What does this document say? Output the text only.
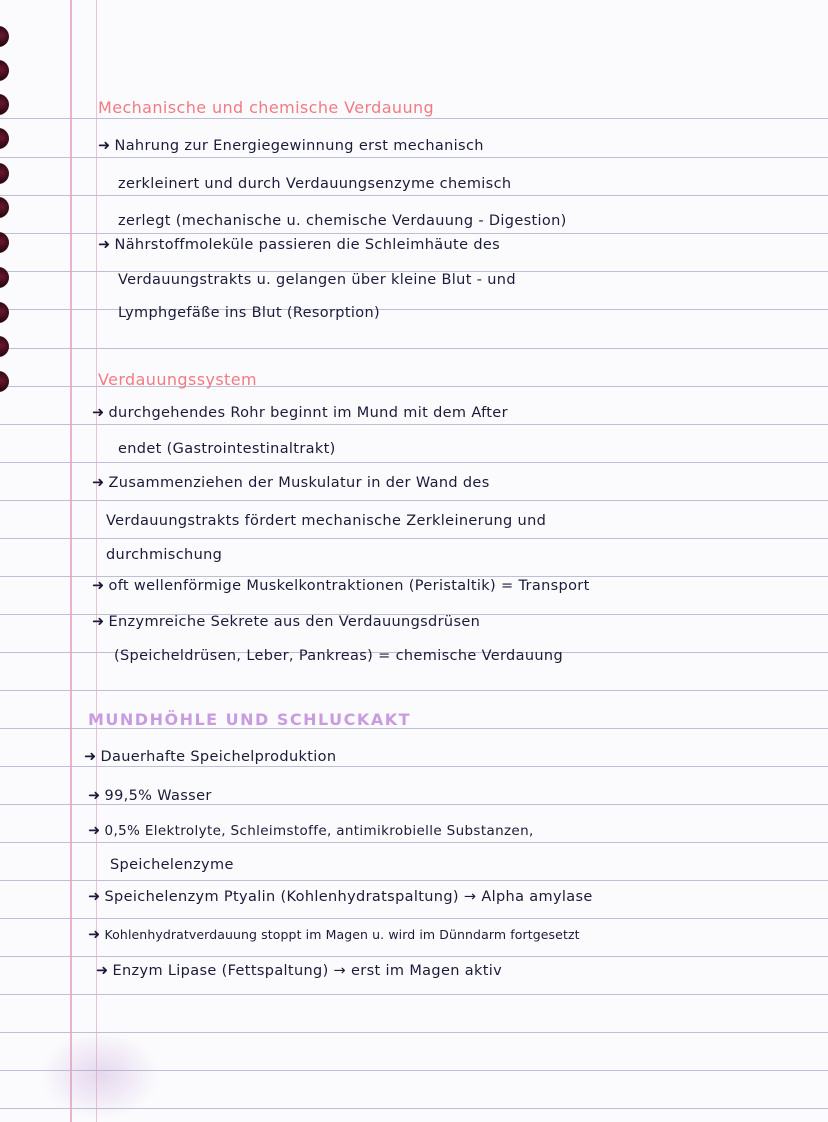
Mechanische und chemische Verdauung
➜ Nahrung zur Energiegewinnung erst mechanisch
zerkleinert und durch Verdauungsenzyme chemisch
zerlegt (mechanische u. chemische Verdauung - Digestion)
➜ Nährstoffmoleküle passieren die Schleimhäute des
Verdauungstrakts u. gelangen über kleine Blut - und
Lymphgefäße ins Blut (Resorption)
Verdauungssystem
➜ durchgehendes Rohr beginnt im Mund mit dem After
endet (Gastrointestinaltrakt)
➜ Zusammenziehen der Muskulatur in der Wand des
Verdauungstrakts fördert mechanische Zerkleinerung und
durchmischung
➜ oft wellenförmige Muskelkontraktionen (Peristaltik) = Transport
➜ Enzymreiche Sekrete aus den Verdauungsdrüsen
(Speicheldrüsen, Leber, Pankreas) = chemische Verdauung
MUNDHÖHLE UND SCHLUCKAKT
➜ Dauerhafte Speichelproduktion
➜ 99,5% Wasser
➜ 0,5% Elektrolyte, Schleimstoffe, antimikrobielle Substanzen,
Speichelenzyme
➜ Speichelenzym Ptyalin (Kohlenhydratspaltung) → Alpha amylase
➜ Kohlenhydratverdauung stoppt im Magen u. wird im Dünndarm fortgesetzt
➜ Enzym Lipase (Fettspaltung) → erst im Magen aktiv
